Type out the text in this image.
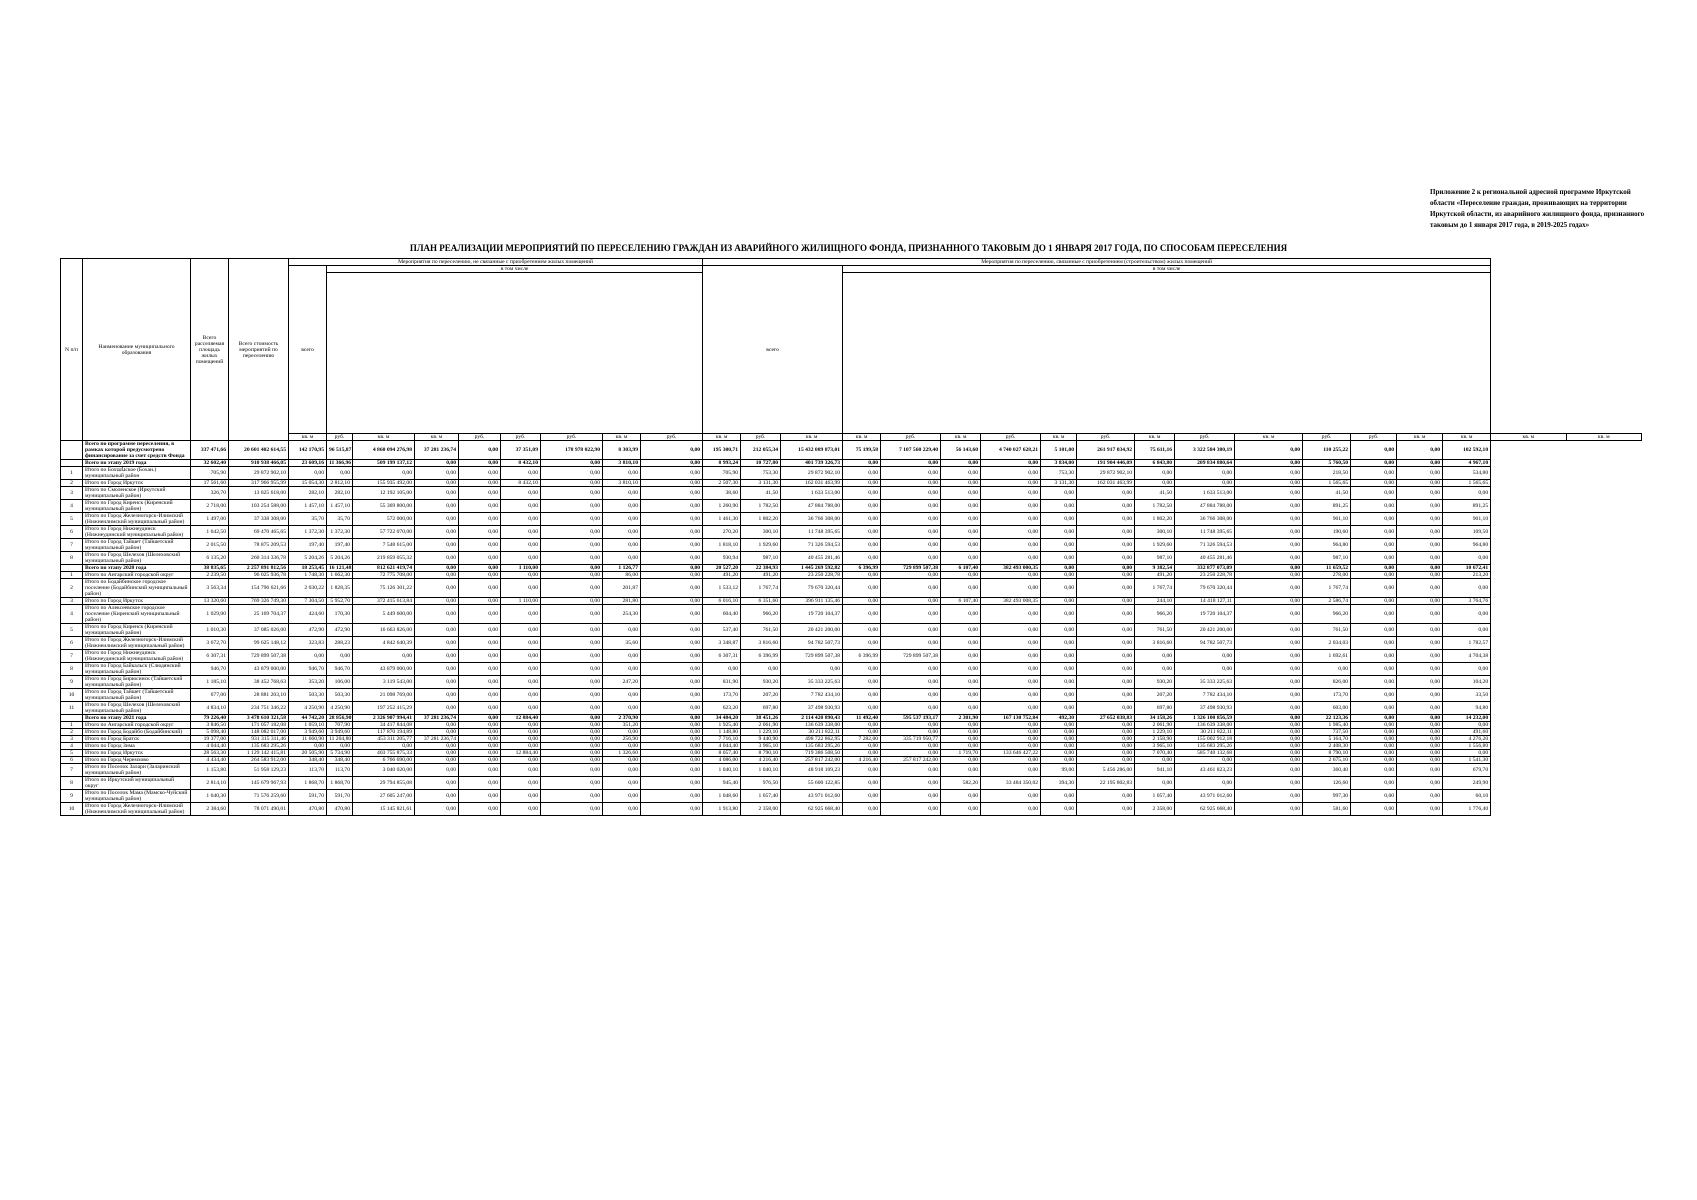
Приложение 2 к региональной адресной программе Иркутской области «Переселение граждан, проживающих на территории Иркутской области, из аварийного жилищного фонда, признанного таковым до 1 января 2017 года, в 2019-2025 годах»
ПЛАН РЕАЛИЗАЦИИ МЕРОПРИЯТИЙ ПО ПЕРЕСЕЛЕНИЮ ГРАЖДАН ИЗ АВАРИЙНОГО ЖИЛИЩНОГО ФОНДА, ПРИЗНАННОГО ТАКОВЫМ ДО 1 ЯНВАРЯ 2017 ГОДА, ПО СПОСОБАМ ПЕРЕСЕЛЕНИЯ
N п/п	Наименование муниципального образования	Всего расселяемая площадь жилых помещений	Всего стоимость мероприятий по переселению	Мероприятия по переселению, не связанные с приобретением жилых помещений									Мероприятия по переселению, связанные с приобретением (строительством) жилых помещений																	
				всего	в том числе								всего			в том числе														

				кв. м	руб.	кв. м	кв. м	руб.	руб.	руб.	кв. м	руб.	кв. м	руб.	кв. м	кв. м	руб.	кв. м	руб.	кв. м	руб.	кв. м	руб.	кв. м	руб.	руб.	кв. м	кв. м	кв. м	кв. м
	Всего по программе переселения, в рамках которой предусмотрено финансирование за счет средств Фонда	337 471,66	20 601 402 614,55	142 170,95	96 515,87	4 860 094 276,98	37 281 236,74	0,00	37 351,09	178 978 022,90	8 303,99	0,00	195 300,71	212 055,34	15 432 089 873,01	75 199,58	7 107 560 229,40	56 143,60	4 740 027 628,21	5 101,00	261 917 034,92	75 611,16	3 322 584 380,19	0,00	110 255,22	0,00	0,00	102 592,10		
	Всего по этапу 2019 года	32 602,40	910 938 466,05	23 609,16	11 366,96	509 199 137,12	0,00	0,00	8 432,10	0,00	3 810,10	0,00	8 993,24	10 727,80	401 739 326,73	0,00	0,00	0,00	0,00	3 834,00	191 904 446,09	6 843,80	209 834 880,64	0,00	5 760,50	0,00	0,00	4 967,10		
1	Итого по Бохանское (Бохан.) муниципальный район	705,90	29 872 902,10	0,00	0,00	0,00	0,00	0,00	0,00	0,00	0,00	0,00	705,90	753,30	29 872 902,10	0,00	0,00	0,00	0,00	753,30	29 872 902,10	0,00	0,00	0,00	218,50	0,00	0,00	534,80		
2	Итого по Город Иркутск	17 561,60	317 966 955,99	15 054,30	2 812,10	155 935 492,00	0,00	0,00	8 432,10	0,00	3 810,10	0,00	2 507,30	3 131,30	162 031 463,99	0,00	0,00	0,00	0,00	3 131,30	162 031 463,99	0,00	0,00	0,00	1 565,65	0,00	0,00	1 565,65		
3	Итого по Смоленское (Иркутский муниципальный район)	326,70	13 825 618,00	282,10	282,10	12 192 105,00	0,00	0,00	0,00	0,00	0,00	0,00	38,60	41,50	1 633 513,00	0,00	0,00	0,00	0,00	0,00	0,00	41,50	1 633 513,00	0,00	41,50	0,00	0,00	0,00		
4	Итого по Город Киренск (Киренский муниципальный район)	2 718,00	103 254 588,00	1 457,10	1 457,10	55 369 800,00	0,00	0,00	0,00	0,00	0,00	0,00	1 260,90	1 782,50	47 884 788,00	0,00	0,00	0,00	0,00	0,00	0,00	1 782,50	47 884 788,00	0,00	891,25	0,00	0,00	891,25		
5	Итого по Город Железногорск-Илимский (Нижнеилимский муниципальный район)	1 497,00	37 338 308,00	35,70	35,70	572 000,00	0,00	0,00	0,00	0,00	0,00	0,00	1 461,30	1 802,20	36 766 308,00	0,00	0,00	0,00	0,00	0,00	0,00	1 802,20	36 766 308,00	0,00	901,10	0,00	0,00	901,10		
6	Итого по Город Нижнеудинск (Нижнеудинский муниципальный район)	1 642,50	69 470 465,65	1 372,30	1 372,30	57 722 070,00	0,00	0,00	0,00	0,00	0,00	0,00	270,20	300,10	11 748 395,65	0,00	0,00	0,00	0,00	0,00	0,00	300,10	11 748 395,65	0,00	190,60	0,00	0,00	109,50		
7	Итого по Город Тайшет (Тайшетский муниципальный район)	2 015,50	78 875 209,53	197,40	197,40	7 548 615,00	0,00	0,00	0,00	0,00	0,00	0,00	1 818,10	1 929,60	71 326 594,53	0,00	0,00	0,00	0,00	0,00	0,00	1 929,60	71 326 594,53	0,00	964,80	0,00	0,00	964,80		
8	Итого по Город Шелехов (Шелеховский муниципальный район)	6 135,20	260 314 336,78	5 204,26	5 204,26	219 859 055,32	0,00	0,00	0,00	0,00	0,00	0,00	930,94	987,10	40 455 281,46	0,00	0,00	0,00	0,00	0,00	0,00	987,10	40 455 281,46	0,00	987,10	0,00	0,00	0,00		
	Всего по этапу 2020 года	38 835,65	2 257 891 812,56	18 253,45	16 121,48	812 621 419,74	0,00	0,00	1 110,00	0,00	1 126,77	0,00	20 527,20	22 384,93	1 445 269 592,82	6 396,99	729 899 507,38	6 107,40	382 493 000,35	0,00	0,00	9 382,54	332 877 073,09	0,00	11 659,52	0,00	0,00	10 672,41		
1	Итого по Ангарский городской округ	2 239,50	96 025 936,78	1 748,30	1 662,30	72 775 708,00	0,00	0,00	0,00	0,00	86,00	0,00	491,20	491,20	23 250 228,78	0,00	0,00	0,00	0,00	0,00	0,00	491,20	23 250 228,78	0,00	278,00	0,00	0,00	213,20		
2	Итого по Бодайбинское городское поселение (Бодайбинский муниципальный район)	3 563,34	154 796 621,66	2 030,22	1 828,35	75 126 301,22	0,00	0,00	0,00	0,00	201,87	0,00	1 533,12	1 767,74	79 670 320,44	0,00	0,00	0,00	0,00	0,00	0,00	1 767,74	79 670 320,44	0,00	1 767,74	0,00	0,00	0,00		
3	Итого по Город Иркутск	13 320,60	769 326 749,30	7 304,50	5 952,70	372 415 613,84	0,00	0,00	1 110,00	0,00	281,80	0,00	6 016,10	6 351,60	396 911 135,46	0,00	0,00	6 107,40	382 493 008,35	0,00	0,00	244,10	14 418 127,11	0,00	2 586,74	0,00	0,00	3 764,76		
4	Итого по Алексеевское городское поселение (Киренский муниципальный район)	1 029,00	25 169 704,37	424,60	170,30	5 449 600,00	0,00	0,00	0,00	0,00	254,30	0,00	604,40	966,20	19 720 104,37	0,00	0,00	0,00	0,00	0,00	0,00	966,20	19 720 104,37	0,00	966,20	0,00	0,00	0,00		
5	Итого по Город Киренск (Киренский муниципальный район)	1 010,30	37 085 026,00	472,90	472,90	16 663 826,00	0,00	0,00	0,00	0,00	0,00	0,00	537,40	761,50	20 421 200,00	0,00	0,00	0,00	0,00	0,00	0,00	761,50	20 421 200,00	0,00	761,50	0,00	0,00	0,00		
6	Итого по Город Железногорск-Илимский (Нижнеилимский муниципальный район)	3 672,70	99 625 148,12	323,83	288,23	4 842 640,39	0,00	0,00	0,00	0,00	35,60	0,00	3 348,87	3 816,60	94 782 507,73	0,00	0,00	0,00	0,00	0,00	0,00	3 816,60	94 782 507,73	0,00	2 034,03	0,00	0,00	1 782,57		
7	Итого по Город Нижнеудинск (Нижнеудинский муниципальный район)	6 307,31	729 899 507,38	0,00	0,00	0,00	0,00	0,00	0,00	0,00	0,00	0,00	6 307,31	6 396,99	729 899 507,38	6 396,99	729 899 507,38	0,00	0,00	0,00	0,00	0,00	0,00	0,00	1 692,61	0,00	0,00	4 704,38		
8	Итого по Город Байкальск (Слюдянский муниципальный район)	946,70	43 879 000,00	946,70	946,70	43 879 000,00	0,00	0,00	0,00	0,00	0,00	0,00	0,00	0,00	0,00	0,00	0,00	0,00	0,00	0,00	0,00	0,00	0,00	0,00	0,00	0,00	0,00	0,00		
9	Итого по Город Бирюсинск (Тайшетский муниципальный район)	1 185,10	38 452 768,63	353,20	106,00	3 119 543,00	0,00	0,00	0,00	0,00	247,20	0,00	831,90	930,20	35 333 225,63	0,00	0,00	0,00	0,00	0,00	0,00	930,20	35 333 225,63	0,00	826,00	0,00	0,00	104,20		
10	Итого по Город Тайшет (Тайшетский муниципальный район)	677,00	28 881 203,10	503,30	503,30	21 098 769,00	0,00	0,00	0,00	0,00	0,00	0,00	173,70	207,20	7 782 434,10	0,00	0,00	0,00	0,00	0,00	0,00	207,20	7 782 434,10	0,00	173,70	0,00	0,00	33,50		
11	Итого по Город Шелехов (Шелеховский муниципальный район)	4 834,10	234 751 346,22	4 250,90	4 250,90	197 252 415,29	0,00	0,00	0,00	0,00	0,00	0,00	623,20	697,80	37 498 930,93	0,00	0,00	0,00	0,00	0,00	0,00	697,80	37 498 930,93	0,00	603,00	0,00	0,00	94,80		
	Всего по этапу 2021 года	79 226,40	3 478 610 321,58	44 742,20	28 856,90	2 326 907 994,41	37 281 236,74	0,00	12 884,40	0,00	2 370,90	0,00	34 484,20	38 451,26	2 114 420 890,43	11 492,40	595 537 193,17	2 301,90	167 130 752,84	492,30	27 652 038,83	34 158,26	1 326 100 856,59	0,00	22 123,36	0,00	0,00	14 232,00		
1	Итого по Ангарский городской округ	3 846,50	171 057 182,08	1 059,10	707,90	34 417 844,08	0,00	0,00	0,00	0,00	351,20	0,00	1 925,40	2 061,90	136 639 338,00	0,00	0,00	0,00	0,00	0,00	0,00	2 061,90	136 639 338,00	0,00	1 985,40	0,00	0,00	0,00		
2	Итого по Город Бодайбо (Бодайбинский)	5 098,40	148 082 017,00	3 949,60	3 949,60	117 870 194,89	0,00	0,00	0,00	0,00	0,00	0,00	1 148,80	1 229,10	30 211 822,11	0,00	0,00	0,00	0,00	0,00	0,00	1 229,10	30 211 822,11	0,00	737,50	0,00	0,00	491,60		
3	Итого по Город Братск	19 377,00	931 315 311,46	11 660,90	11 204,80	453 311 205,77	37 281 236,74	0,00	0,00	0,00	256,90	0,00	7 716,10	9 440,90	498 722 862,95	7 282,00	335 719 950,77	0,00	0,00	0,00	0,00	2 158,90	155 002 912,18	0,00	5 164,70	0,00	0,00	4 276,20		
4	Итого по Город Зима	4 044,40	135 683 295,26	0,00	0,00	0,00	0,00	0,00	0,00	0,00	0,00	0,00	4 044,40	3 965,10	135 683 295,26	0,00	0,00	0,00	0,00	0,00	0,00	3 965,10	135 683 295,26	0,00	2 408,30	0,00	0,00	1 556,80		
5	Итого по Город Иркутск	28 563,30	1 129 142 415,81	20 505,90	5 734,90	403 755 875,33	0,00	0,00	12 884,40	0,00	1 326,60	0,00	8 057,40	8 790,10	719 386 508,50	0,00	0,00	1 719,70	133 646 427,22	0,00	0,00	7 070,40	585 740 132,68	0,00	8 790,10	0,00	0,00	0,00		
6	Итого по Город Черемхово	4 434,40	264 583 912,00	348,40	348,40	6 766 690,00	0,00	0,00	0,00	0,00	0,00	0,00	4 086,00	4 216,40	257 817 242,00	4 216,40	257 817 242,00	0,00	0,00	0,00	0,00	0,00	0,00	0,00	2 675,10	0,00	0,00	1 541,30		
7	Итого по Поселок Залари (Заларинский муниципальный район)	1 153,80	51 958 129,23	113,70	113,70	3 040 020,00	0,00	0,00	0,00	0,00	0,00	0,00	1 040,10	1 040,10	48 918 109,23	0,00	0,00	0,00	0,00	99,00	5 456 286,00	941,10	43 461 823,23	0,00	360,40	0,00	0,00	679,70		
8	Итого по Иркутский муниципальный округ	2 814,10	145 679 967,93	1 868,70	1 868,70	29 794 855,08	0,00	0,00	0,00	0,00	0,00	0,00	945,40	976,50	55 600 122,85	0,00	0,00	582,20	33 484 350,02	394,30	22 195 802,83	0,00	0,00	0,00	126,60	0,00	0,00	249,90		
9	Итого по Поселок Мама (Мамско-Чуйский муниципальный район)	1 640,30	71 576 259,60	591,70	591,70	27 605 247,00	0,00	0,00	0,00	0,00	0,00	0,00	1 048,60	1 057,40	43 971 012,60	0,00	0,00	0,00	0,00	0,00	0,00	1 057,40	43 971 012,60	0,00	997,30	0,00	0,00	60,10		
10	Итого по Город Железногорск-Илимский (Нижнеилимский муниципальный район)	2 384,60	78 071 490,01	470,80	470,80	15 145 821,61	0,00	0,00	0,00	0,00	0,00	0,00	1 913,80	2 358,00	62 925 668,40	0,00	0,00	0,00	0,00	0,00	0,00	2 358,00	62 925 668,40	0,00	581,60	0,00	0,00	1 776,40		
